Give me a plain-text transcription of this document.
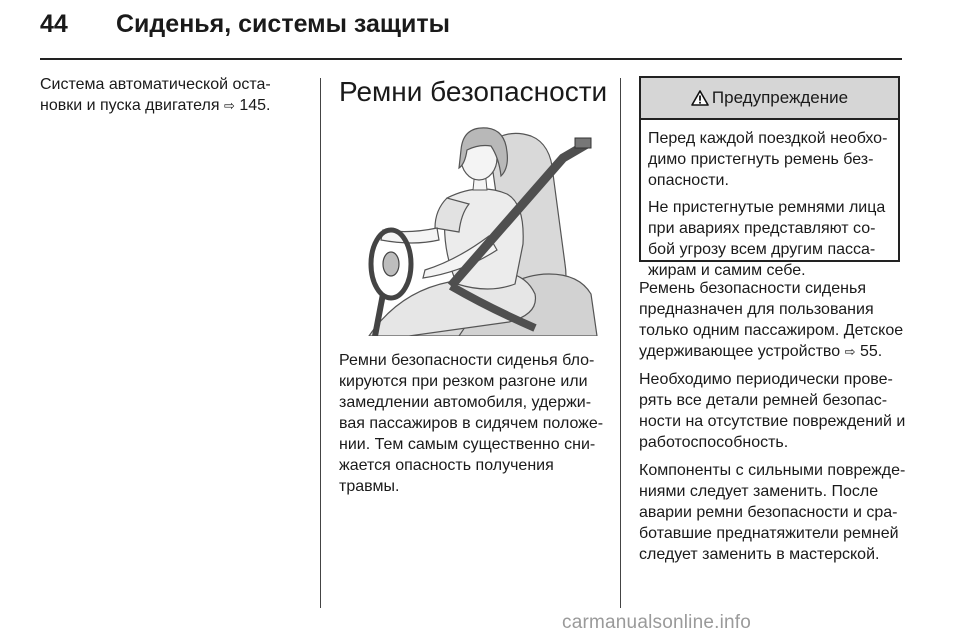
44 Сиденья, системы защиты
Система автоматической оста-
новки и пуска двигателя ⇨ 145.	Ремни безопасности
Ремни безопасности сиденья бло-
кируются при резком разгоне или
замедлении автомобиля, удержи-
вая пассажиров в сидячем положе-
нии. Тем самым существенно сни-
жается опасность получения
травмы.
Предупреждение

Перед каждой поездкой необхо-
димо пристегнуть ремень без-
опасности.

Не пристегнутые ремнями лица
при авариях представляют со-
бой угрозу всем другим пасса-
жирам и самим себе.

Ремень безопасности сиденья
предназначен для пользования
только одним пассажиром. Детское
удерживающее устройство ⇨ 55.

Необходимо периодически прове-
рять все детали ремней безопас-
ности на отсутствие повреждений и
работоспособность.

Компоненты с сильными поврежде-
ниями следует заменить. После
аварии ремни безопасности и сра-
ботавшие преднатяжители ремней
следует заменить в мастерской.

carmanualsonline.info
